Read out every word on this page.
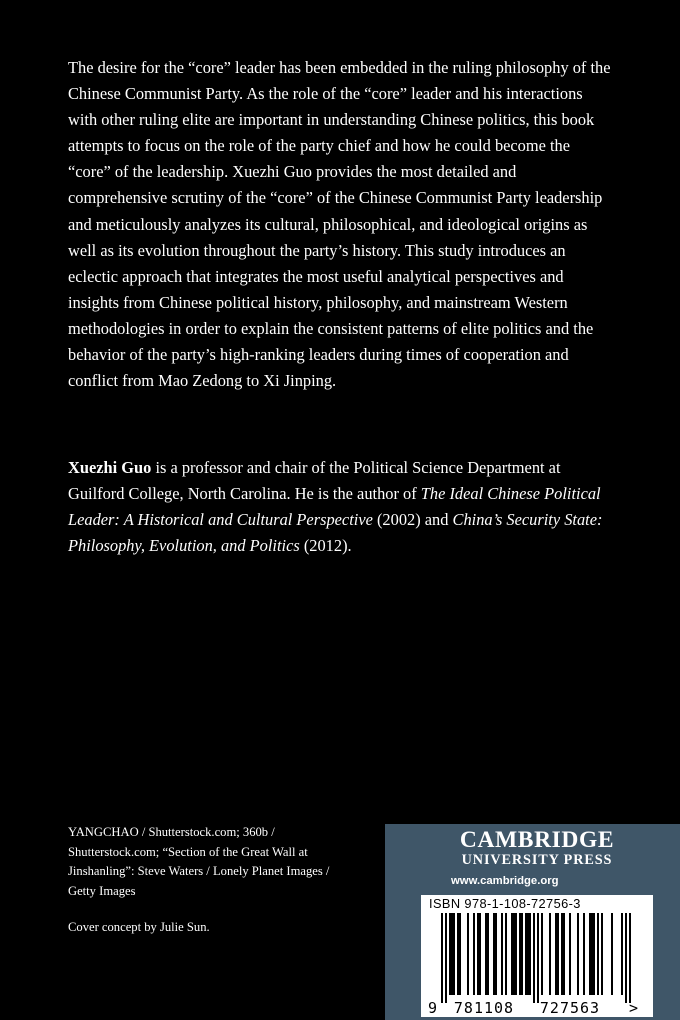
The desire for the “core” leader has been embedded in the ruling philosophy of the Chinese Communist Party. As the role of the “core” leader and his interactions with other ruling elite are important in understanding Chinese politics, this book attempts to focus on the role of the party chief and how he could become the “core” of the leadership. Xuezhi Guo provides the most detailed and comprehensive scrutiny of the “core” of the Chinese Communist Party leadership and meticulously analyzes its cultural, philosophical, and ideological origins as well as its evolution throughout the party’s history. This study introduces an eclectic approach that integrates the most useful analytical perspectives and insights from Chinese political history, philosophy, and mainstream Western methodologies in order to explain the consistent patterns of elite politics and the behavior of the party’s high-ranking leaders during times of cooperation and conflict from Mao Zedong to Xi Jinping.

Xuezhi Guo is a professor and chair of the Political Science Department at Guilford College, North Carolina. He is the author of The Ideal Chinese Political Leader: A Historical and Cultural Perspective (2002) and China’s Security State: Philosophy, Evolution, and Politics (2012).

YANGCHAO / Shutterstock.com; 360b / Shutterstock.com; “Section of the Great Wall at Jinshanling”: Steve Waters / Lonely Planet Images / Getty Images

Cover concept by Julie Sun.

CAMBRIDGE
UNIVERSITY PRESS
www.cambridge.org
ISBN 978-1-108-72756-3
9 781108 727563 >
